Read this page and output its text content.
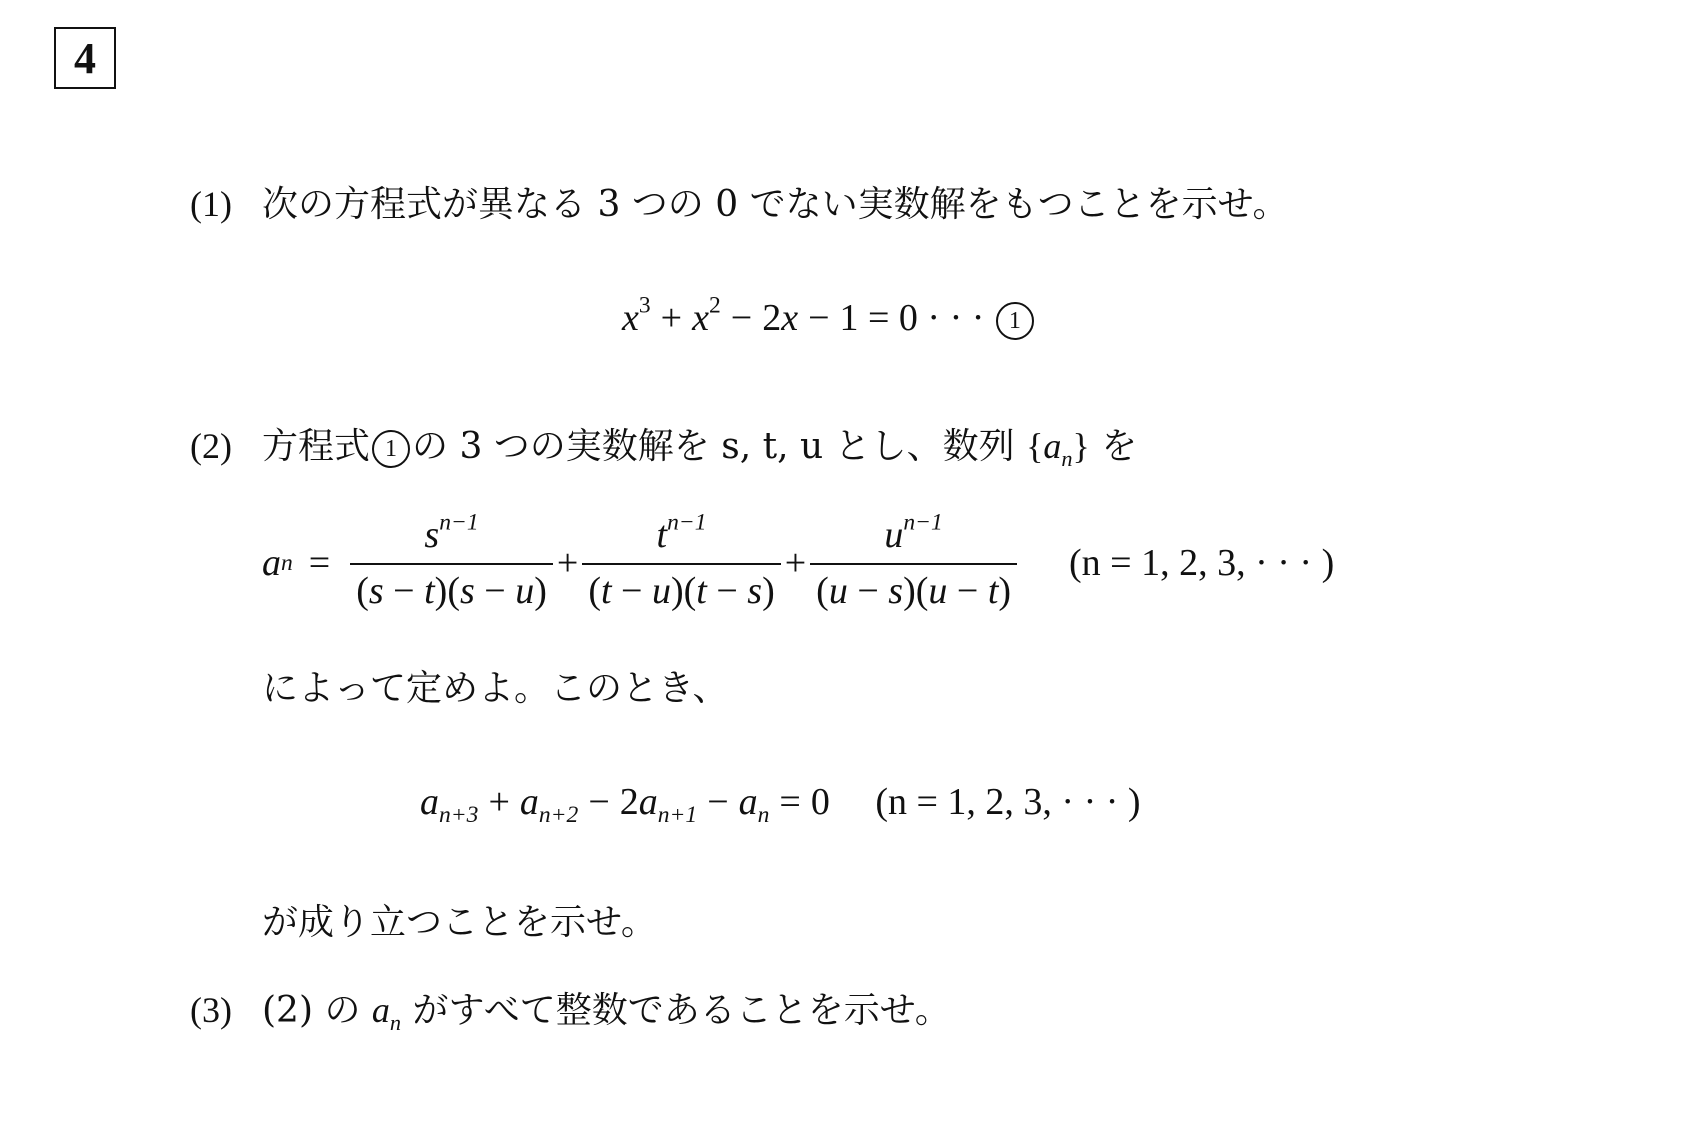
4
(1) 次の方程式が異なる 3 つの 0 でない実数解をもつことを示せ。
$x^3 + x^2 - 2x - 1 = 0$ · · · 1
(2) 方程式 1 の 3 つの実数解を s, t, u とし、数列 $\{a_n\}$ を
a $n = \frac{s^{n-1}}{(s - t)(s - u)} + \frac{t^{n-1}}{(t - u)(t - s)} + \frac{u^{n-1}}{(u - s)(u - t)} (n = 1$, 2, 3, · · · )
によって定めよ。このとき、
$a_{n+3} + a_{n+2} - 2a_{n+1} - a_n = 0$ (n = 1, 2, 3, · · · )
が成り立つことを示せ。
(3) (2) の $a_n$ がすべて整数であることを示せ。
